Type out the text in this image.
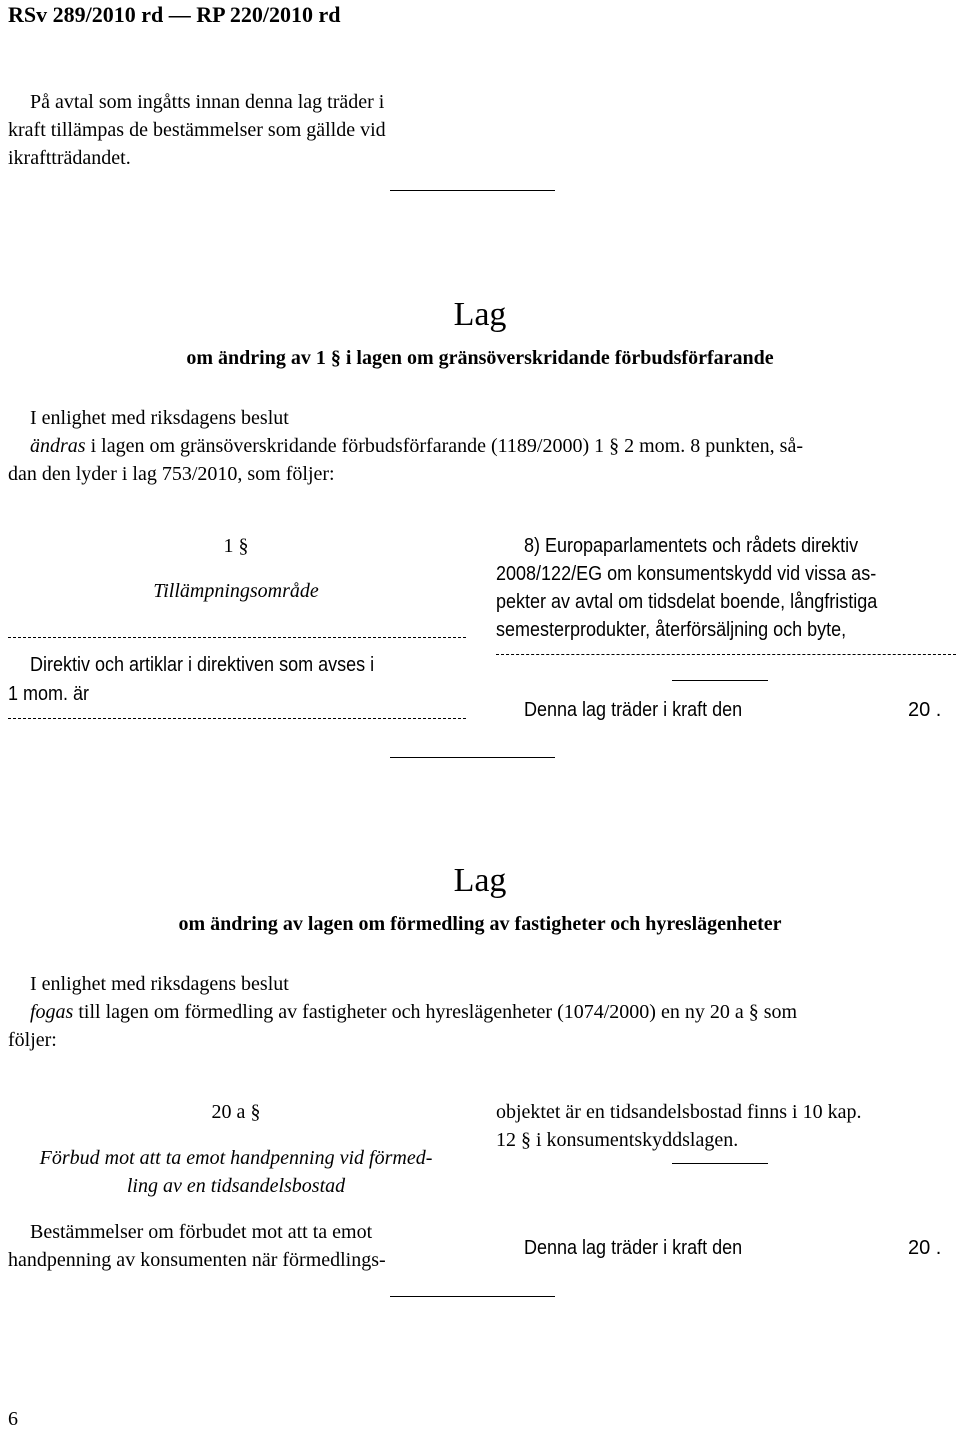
RSv 289/2010 rd — RP 220/2010 rd
På avtal som ingåtts innan denna lag träder i
kraft tillämpas de bestämmelser som gällde vid
ikraftträdandet.
Lag
om ändring av 1 § i lagen om gränsöverskridande förbudsförfarande
I enlighet med riksdagens beslut
ändras i lagen om gränsöverskridande förbudsförfarande (1189/2000) 1 § 2 mom. 8 punkten, så-
dan den lyder i lag 753/2010, som följer:
1 §
Tillämpningsområde
Direktiv och artiklar i direktiven som avses i
1 mom. är
8) Europaparlamentets och rådets direktiv
2008/122/EG om konsumentskydd vid vissa as-
pekter av avtal om tidsdelat boende, långfristiga
semesterprodukter, återförsäljning och byte,
Denna lag träder i kraft den	20 .
Lag
om ändring av lagen om förmedling av fastigheter och hyreslägenheter
I enlighet med riksdagens beslut
fogas till lagen om förmedling av fastigheter och hyreslägenheter (1074/2000) en ny 20 a § som
följer:
20 a §
Förbud mot att ta emot handpenning vid förmed-
ling av en tidsandelsbostad
Bestämmelser om förbudet mot att ta emot
handpenning av konsumenten när förmedlings-
objektet är en tidsandelsbostad finns i 10 kap.
12 § i konsumentskyddslagen.
Denna lag träder i kraft den	20 .
6
